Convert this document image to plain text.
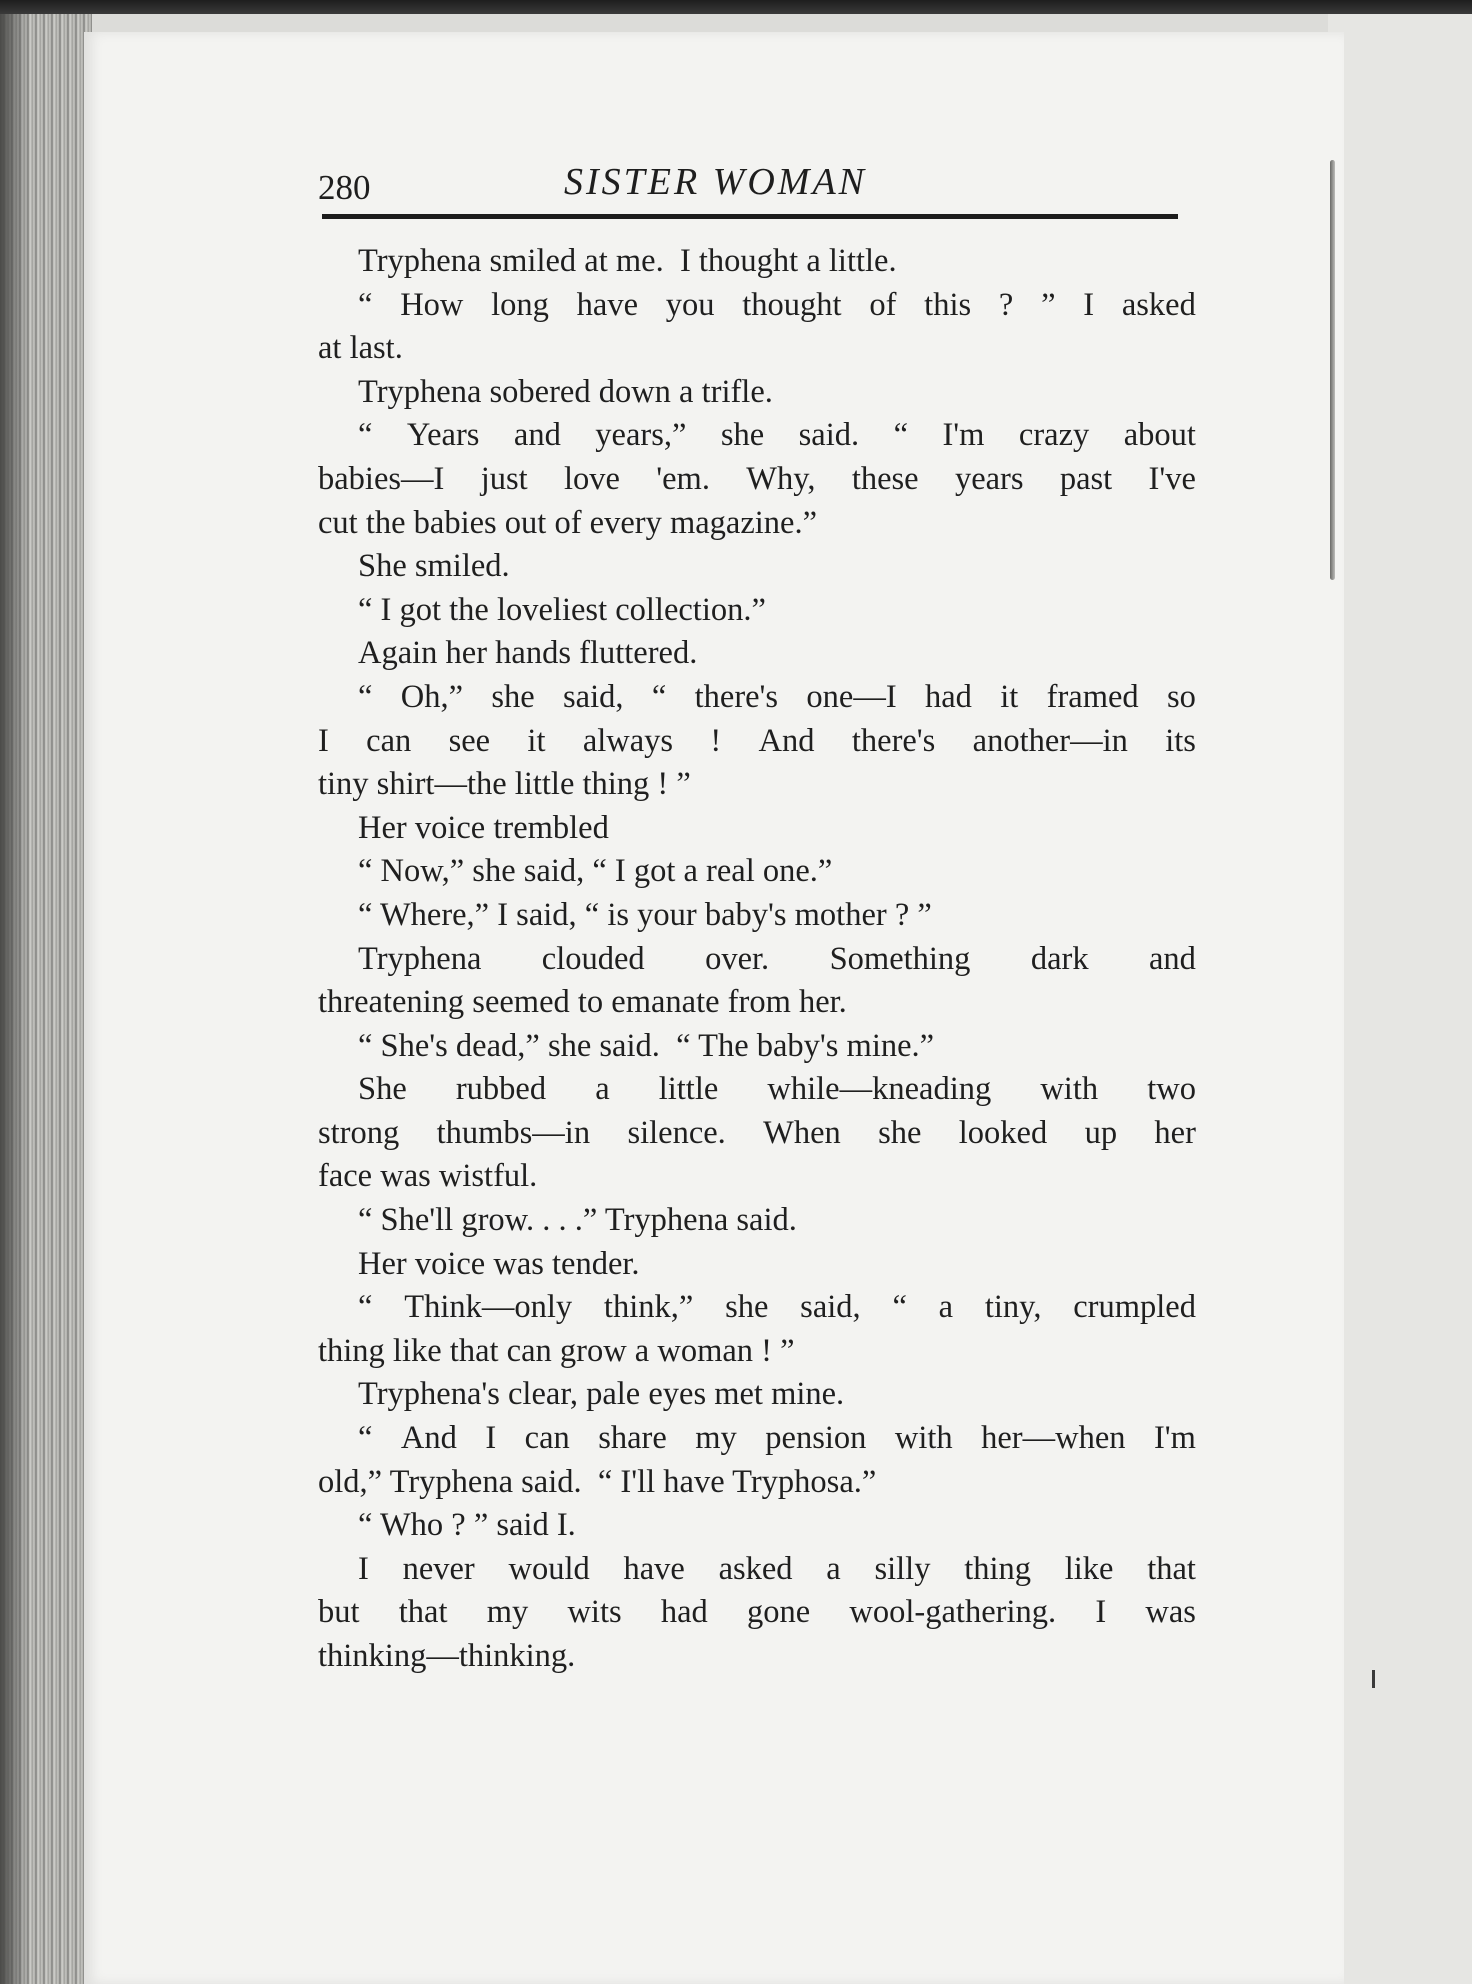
280	SISTER WOMAN
Tryphena smiled at me.  I thought a little.
“ How long have you thought of this ? ” I asked
at last.
Tryphena sobered down a trifle.
“ Years and years,” she said. “ I'm crazy about
babies—I just love 'em. Why, these years past I've
cut the babies out of every magazine.”
She smiled.
“ I got the loveliest collection.”
Again her hands fluttered.
“ Oh,” she said, “ there's one—I had it framed so
I can see it always ! And there's another—in its
tiny shirt—the little thing ! ”
Her voice trembled
“ Now,” she said, “ I got a real one.”
“ Where,” I said, “ is your baby's mother ? ”
Tryphena clouded over. Something dark and
threatening seemed to emanate from her.
“ She's dead,” she said.  “ The baby's mine.”
She rubbed a little while—kneading with two
strong thumbs—in silence. When she looked up her
face was wistful.
“ She'll grow. . . .” Tryphena said.
Her voice was tender.
“ Think—only think,” she said, “ a tiny, crumpled
thing like that can grow a woman ! ”
Tryphena's clear, pale eyes met mine.
“ And I can share my pension with her—when I'm
old,” Tryphena said.  “ I'll have Tryphosa.”
“ Who ? ” said I.
I never would have asked a silly thing like that
but that my wits had gone wool-gathering. I was
thinking—thinking.
